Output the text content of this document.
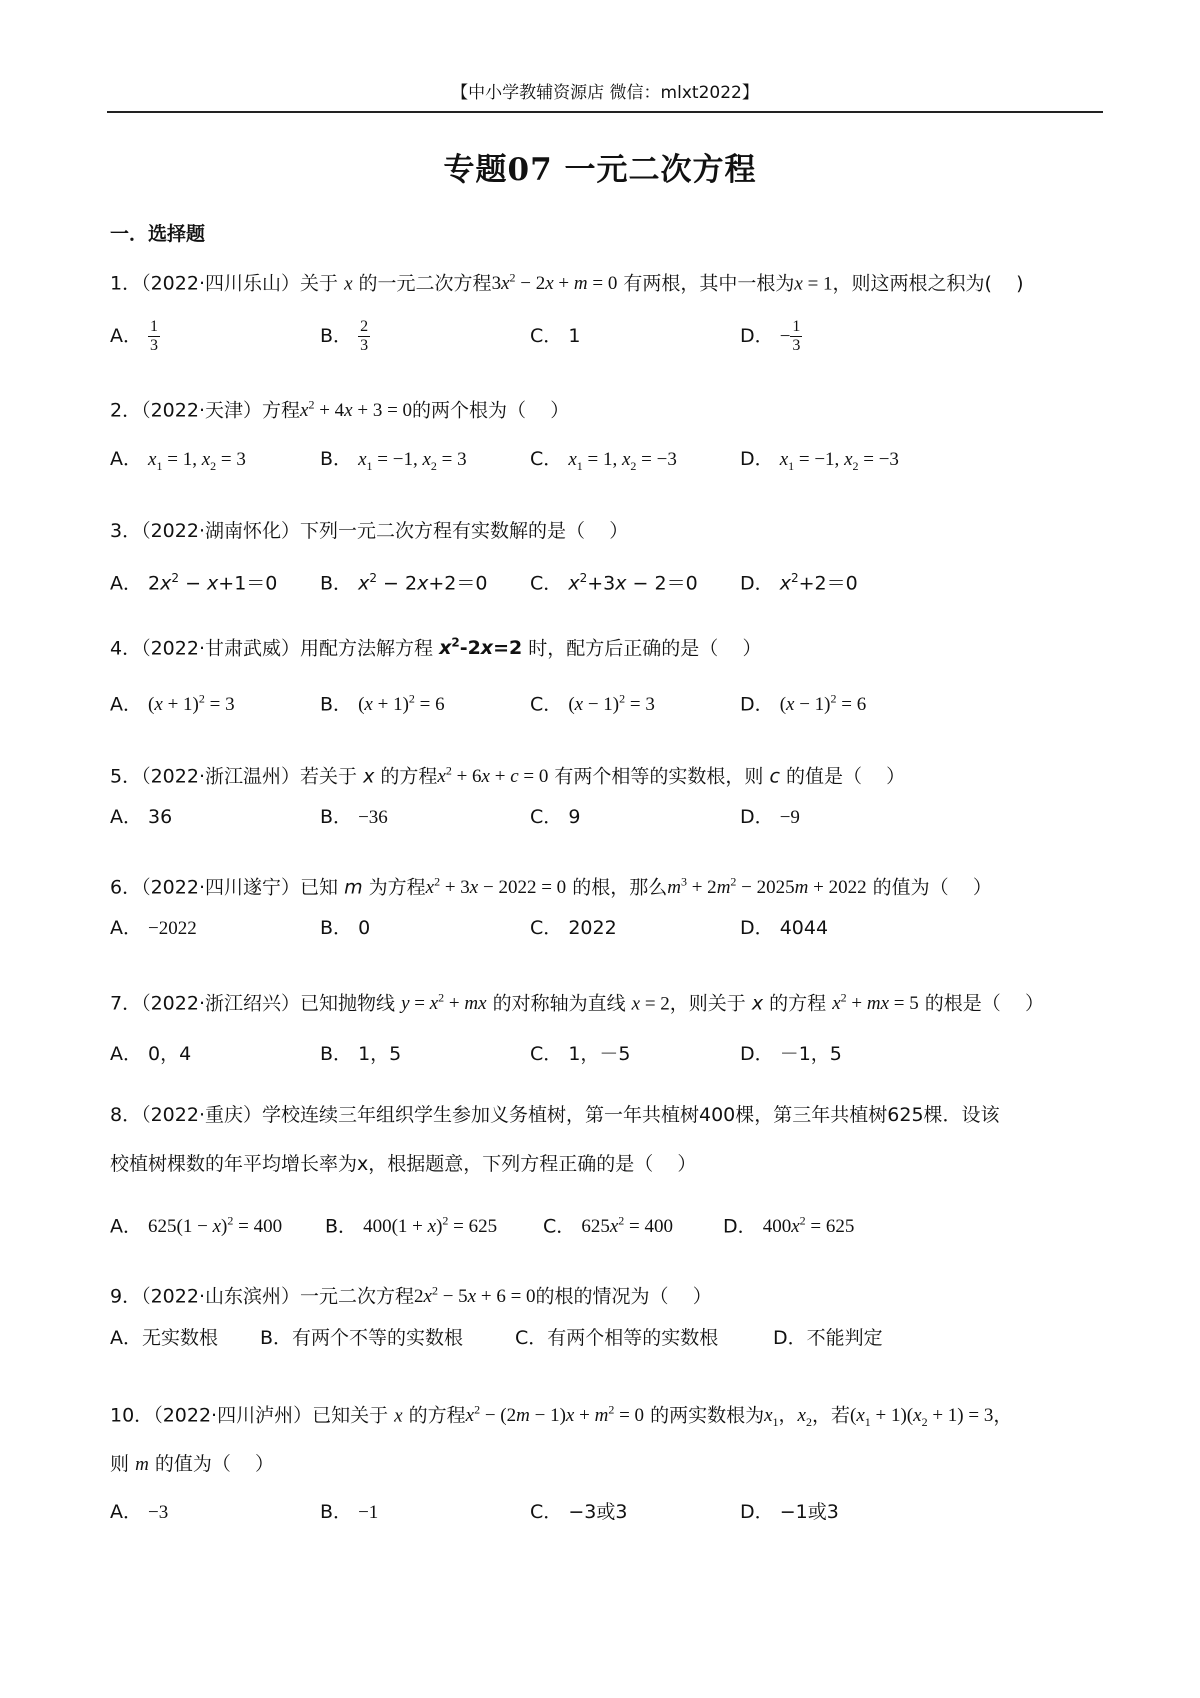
【中小学教辅资源店 微信：mlxt2022】
专题07 一元二次方程
一．选择题
1．（2022·四川乐山）关于 x 的一元二次方程$3x^2 - 2x + m = 0$ 有两根，其中一根为x = 1，则这两根之积为( )
A． $\frac{1}{3}$	B． $\frac{2}{3}$	C． 1	D． − $\frac{1}{3}$
2．（2022·天津）方程$x^2 + 4x + 3 = 0$的两个根为（ ）
A． $x_1 = 1$, $x_2 = 3$	B． $x_1 = -1$, $x_2 = 3$	C． $x_1 = 1$, $x_2 = -3$	D． $x_1 = -1$, $x_2 = -3$
3．（2022·湖南怀化）下列一元二次方程有实数解的是（ ）
A． $2x^2 - x+1=0$ B． $x^2 - 2x+2=0$ C． $x^2+3x - 2=0$ D． $x^2+2=0$
4．（2022·甘肃武威）用配方法解方程 $x^2-2x=2$ 时，配方后正确的是（ ）
A． $(x + 1)^2 = 3$	B． $(x + 1)^2 = 6$	C． $(x - 1)^2 = 3$	D． $(x - 1)^2 = 6$
5．（2022·浙江温州）若关于 x 的方程$x^2 + 6x + c = 0$ 有两个相等的实数根，则 c 的值是（ ）
A． 36	B． −36	C． 9	D． −9
6．（2022·四川遂宁）已知 m 为方程$x^2 + 3x - 2022 = 0$ 的根，那么$m^3 + 2m^2 - 2025m + 2022$ 的值为（ ）
A． −2022	B． 0	C． 2022	D． 4044
7．（2022·浙江绍兴）已知抛物线 $y = x^2$ + mx 的对称轴为直线 x = 2，则关于 x 的方程 $x^2$ + mx = 5 的根是（ ）
A． 0，4	B． 1，5	C． 1，－5	D． －1，5
8．（2022·重庆）学校连续三年组织学生参加义务植树，第一年共植树400棵，第三年共植树625棵．设该
校植树棵数的年平均增长率为x，根据题意，下列方程正确的是（ ）
A． $625(1 - x)^2 = 400$ B． $400(1 + x)^2 = 625$ C． $625x^2 = 400$	D． $400x^2 = 625$
9．（2022·山东滨州）一元二次方程$2x^2 - 5x + 6 = 0$的根的情况为（ ）
A．无实数根 B．有两个不等的实数根	C．有两个相等的实数根	D．不能判定
10．（2022·四川泸州）已知关于 x 的方程$x^2 - (2m - 1)x + m^2 = 0$ 的两实数根为$x_1$，$x_2$，若$(x_1 + 1)(x_2 + 1) = 3$，
则 m 的值为（ ）
A． −3	B． −1	C． −3或3	D． −1或3
